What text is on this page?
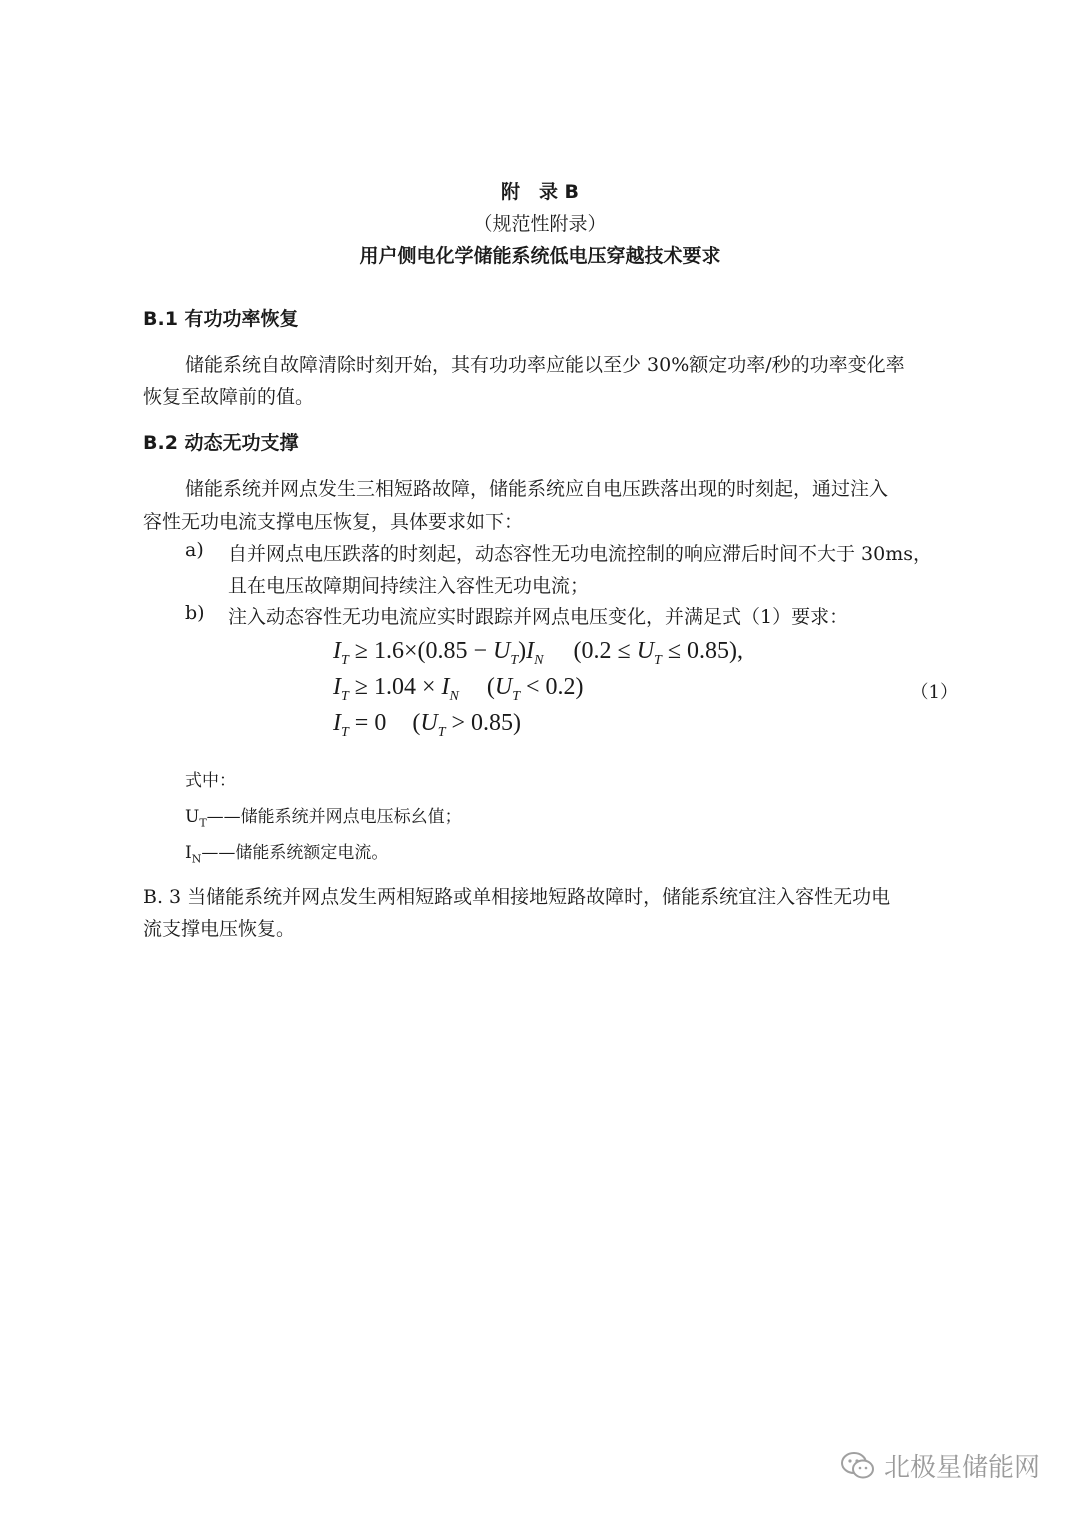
附　录 B
（规范性附录）
用户侧电化学储能系统低电压穿越技术要求
B.1 有功功率恢复
储能系统自故障清除时刻开始，其有功功率应能以至少 30%额定功率/秒的功率变化率
恢复至故障前的值。
B.2 动态无功支撑
储能系统并网点发生三相短路故障，储能系统应自电压跌落出现的时刻起，通过注入
容性无功电流支撑电压恢复，具体要求如下：
a) 自并网点电压跌落的时刻起，动态容性无功电流控制的响应滞后时间不大于 30ms，
且在电压故障期间持续注入容性无功电流；
b) 注入动态容性无功电流应实时跟踪并网点电压变化，并满足式（1）要求：
$I_T \ge 1.6\times(0.85 - U_T)I_N$ $(0.2 \le U_T \le 0.85)$,
$I_T \ge 1.04 \times I_N$ $(U_T < 0.2)$
$I_T = 0$ $(U_T > 0.85)$
（1）
式中：
$U_T——$储能系统并网点电压标幺值；
$I_N——$储能系统额定电流。
B. 3 当储能系统并网点发生两相短路或单相接地短路故障时，储能系统宜注入容性无功电
流支撑电压恢复。
北极星储能网
